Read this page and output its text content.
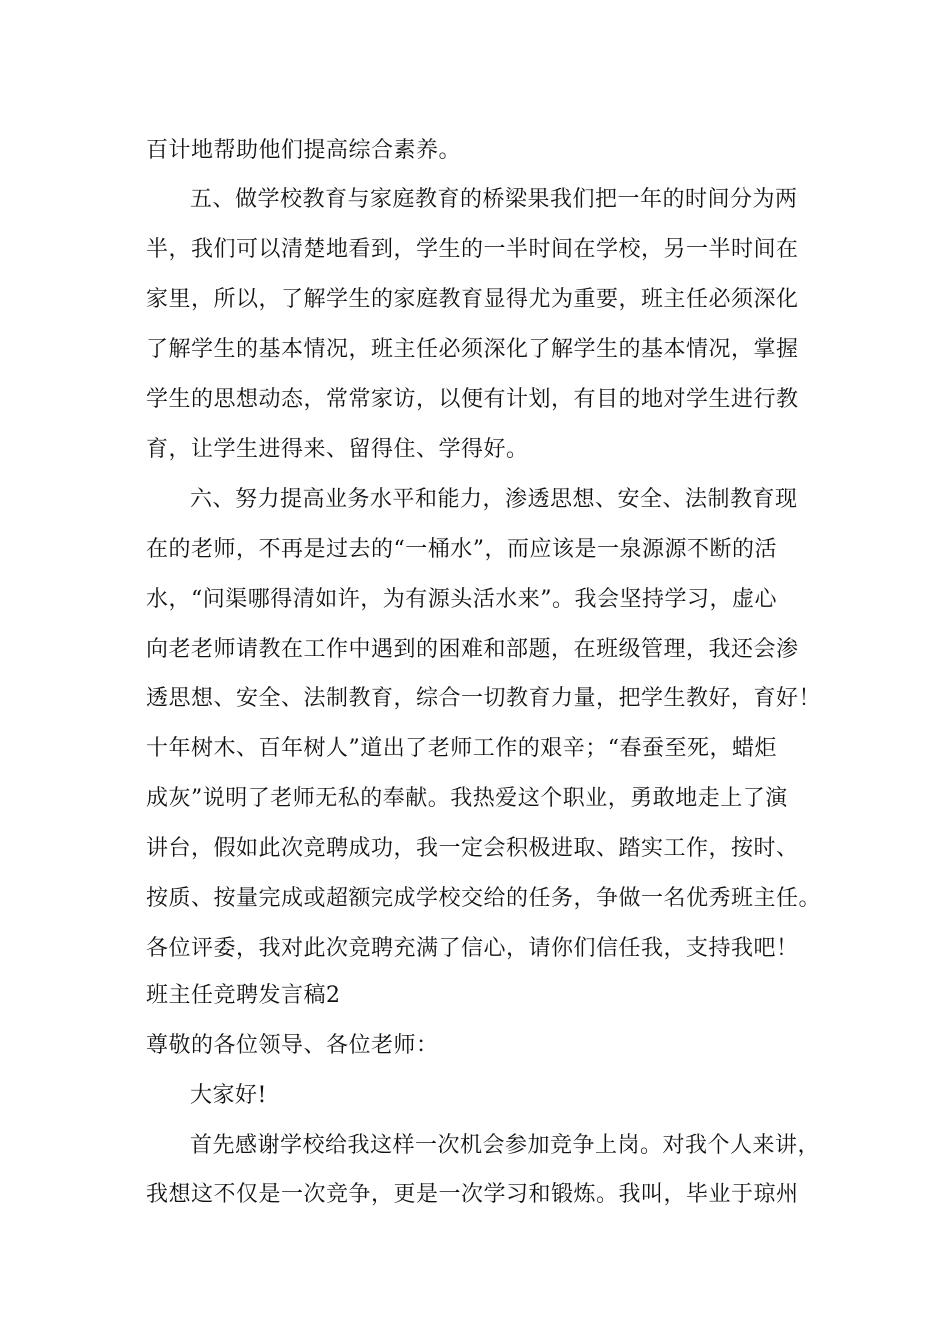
百计地帮助他们提高综合素养。
五、做学校教育与家庭教育的桥梁果我们把一年的时间分为两
半，我们可以清楚地看到，学生的一半时间在学校，另一半时间在
家里，所以，了解学生的家庭教育显得尤为重要，班主任必须深化
了解学生的基本情况，班主任必须深化了解学生的基本情况，掌握
学生的思想动态，常常家访，以便有计划，有目的地对学生进行教
育，让学生进得来、留得住、学得好。
六、努力提高业务水平和能力，渗透思想、安全、法制教育现
在的老师，不再是过去的“一桶水”，而应该是一泉源源不断的活
水，“问渠哪得清如许，为有源头活水来”。我会坚持学习，虚心
向老老师请教在工作中遇到的困难和部题，在班级管理，我还会渗
透思想、安全、法制教育，综合一切教育力量，把学生教好，育好！
十年树木、百年树人”道出了老师工作的艰辛；“春蚕至死，蜡炬
成灰”说明了老师无私的奉献。我热爱这个职业，勇敢地走上了演
讲台，假如此次竞聘成功，我一定会积极进取、踏实工作，按时、
按质、按量完成或超额完成学校交给的任务，争做一名优秀班主任。
各位评委，我对此次竞聘充满了信心，请你们信任我，支持我吧！
班主任竞聘发言稿2
尊敬的各位领导、各位老师：
大家好!
首先感谢学校给我这样一次机会参加竞争上岗。对我个人来讲，
我想这不仅是一次竞争，更是一次学习和锻炼。我叫，毕业于琼州
